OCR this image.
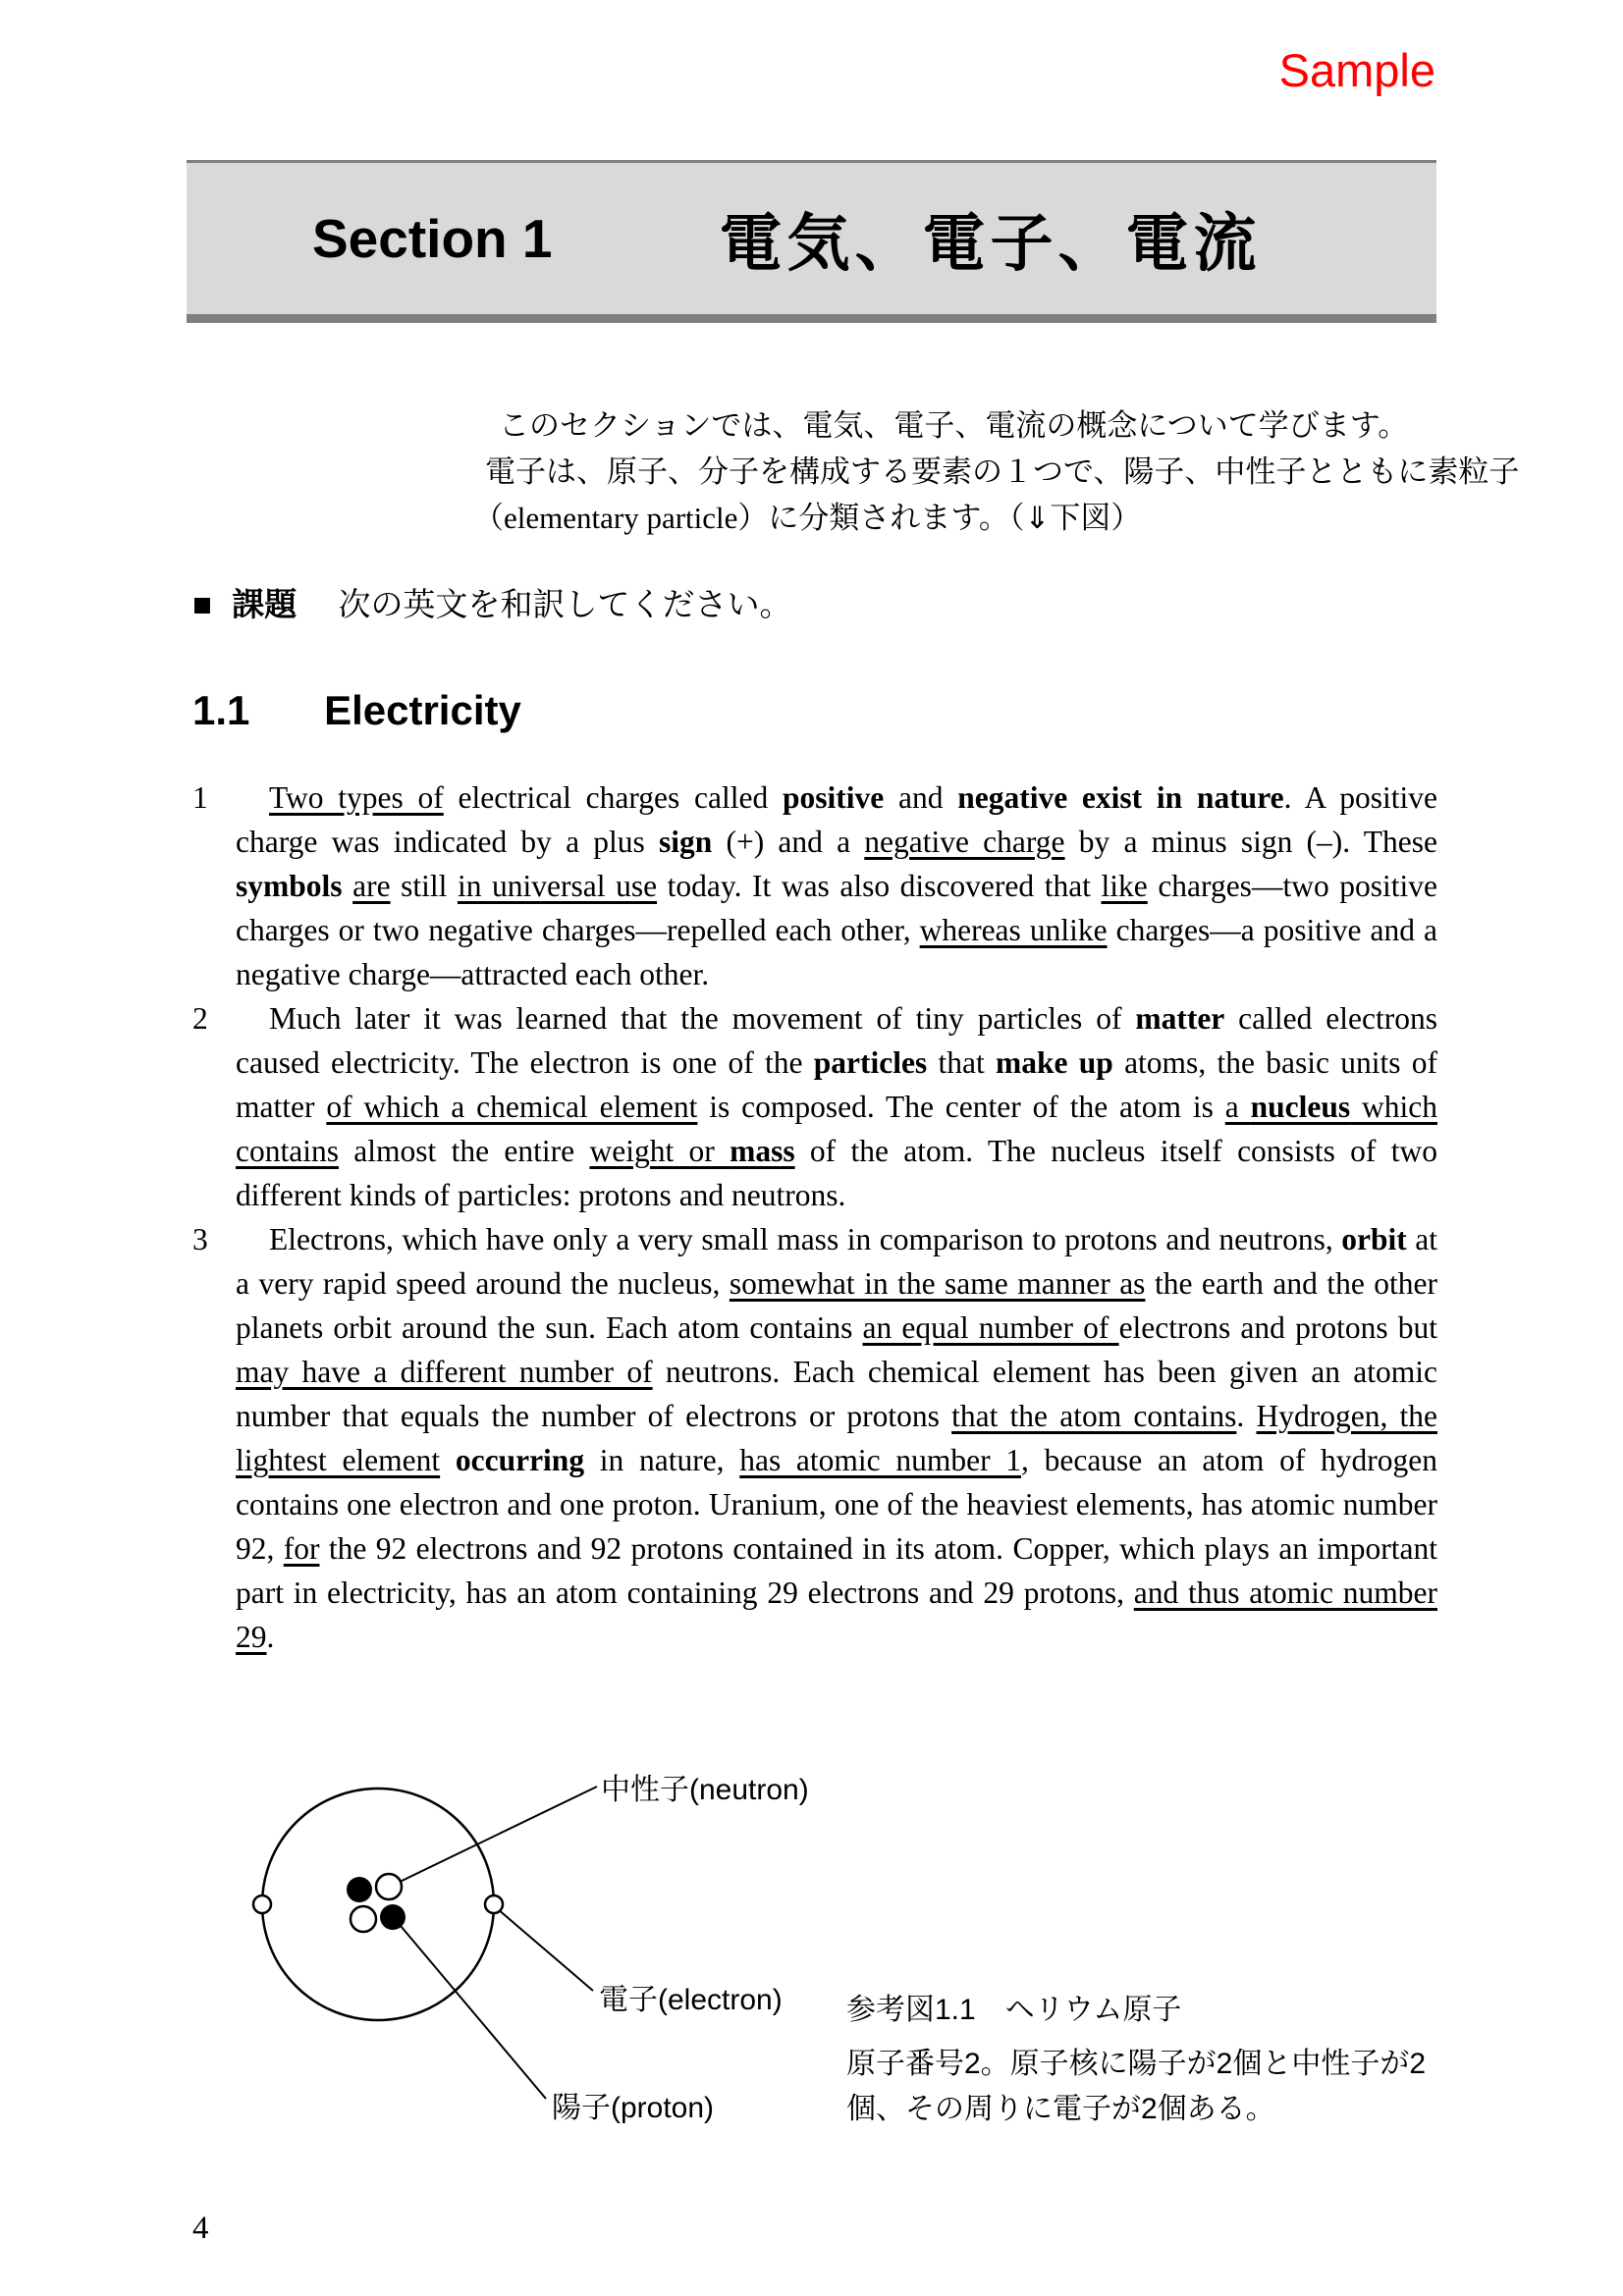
Sample
Section 1	電気、電子、電流
このセクションでは、電気、電子、電流の概念について学びます。
電子は、原子、分子を構成する要素の１つで、陽子、中性子とともに素粒子
（elementary particle）に分類されます。（⇓下図）
■ 課題 次の英文を和訳してください。
1.1 Electricity
1 Two types of electrical charges called positive and negative exist in nature. A positive charge was indicated by a plus sign (+) and a negative charge by a minus sign (–). These symbols are still in universal use today. It was also discovered that like charges—two positive charges or two negative charges—repelled each other, whereas unlike charges—a positive and a negative charge—attracted each other.
2 Much later it was learned that the movement of tiny particles of matter called electrons caused electricity. The electron is one of the particles that make up atoms, the basic units of matter of which a chemical element is composed. The center of the atom is a nucleus which contains almost the entire weight or mass of the atom. The nucleus itself consists of two different kinds of particles: protons and neutrons.
3 Electrons, which have only a very small mass in comparison to protons and neutrons, orbit at a very rapid speed around the nucleus, somewhat in the same manner as the earth and the other planets orbit around the sun. Each atom contains an equal number of electrons and protons but may have a different number of neutrons. Each chemical element has been given an atomic number that equals the number of electrons or protons that the atom contains. Hydrogen, the lightest element occurring in nature, has atomic number 1, because an atom of hydrogen contains one electron and one proton. Uranium, one of the heaviest elements, has atomic number 92, for the 92 electrons and 92 protons contained in its atom. Copper, which plays an important part in electricity, has an atom containing 29 electrons and 29 protons, and thus atomic number 29.
中性子(neutron)
電子(electron)
陽子(proton)
参考図1.1　ヘリウム原子
原子番号2。原子核に陽子が2個と中性子が2個、その周りに電子が2個ある。
4
